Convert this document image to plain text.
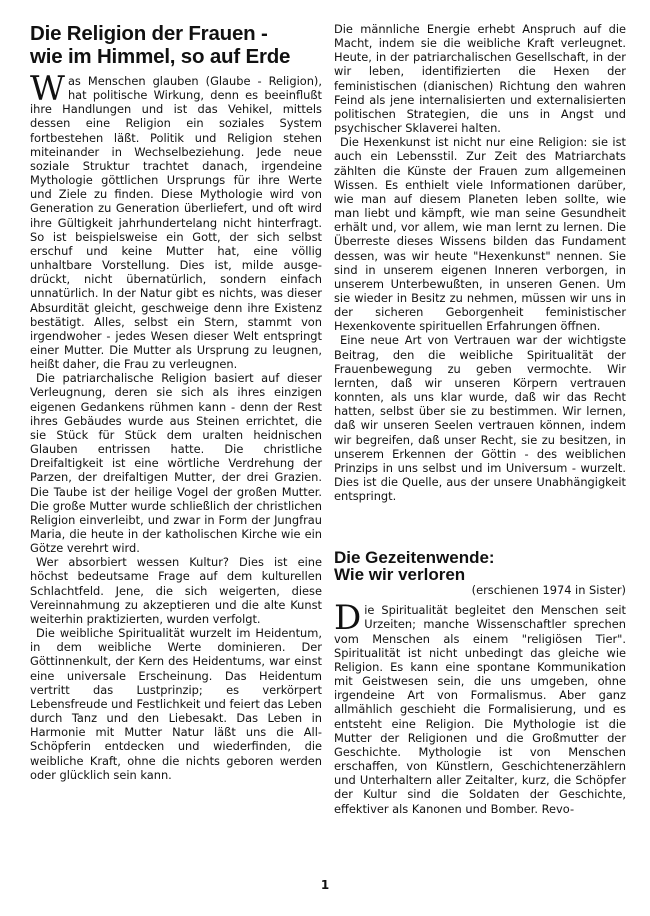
Die Religion der Frauen -
wie im Himmel, so auf Erde

Was Menschen glauben (Glaube - Religion), hat politische Wirkung, denn es beeinflußt ihre Handlungen und ist das Vehikel, mittels dessen eine Religion ein soziales System fortbestehen läßt. Politik und Religion stehen miteinander in Wechselbeziehung. Jede neue soziale Struktur trachtet danach, irgendeine Mythologie göttlichen Ursprungs für ihre Werte und Ziele zu finden. Diese Mythologie wird von Generation zu Generation überliefert, und oft wird ihre Gültigkeit jahrhundertelang nicht hinterfragt. So ist beispielsweise ein Gott, der sich selbst erschuf und keine Mutter hat, eine völlig unhaltbare Vorstellung. Dies ist, milde ausgedrückt, nicht übernatürlich, sondern einfach unnatürlich. In der Natur gibt es nichts, was dieser Absurdität gleicht, geschweige denn ihre Existenz bestätigt. Alles, selbst ein Stern, stammt von irgendwoher - jedes Wesen dieser Welt entspringt einer Mutter. Die Mutter als Ursprung zu leugnen, heißt daher, die Frau zu verleugnen.

Die patriarchalische Religion basiert auf dieser Verleugnung, deren sie sich als ihres einzigen eigenen Gedankens rühmen kann - denn der Rest ihres Gebäudes wurde aus Steinen errichtet, die sie Stück für Stück dem uralten heidnischen Glauben entrissen hatte. Die christliche Dreifaltigkeit ist eine wörtliche Verdrehung der Parzen, der dreifaltigen Mutter, der drei Grazien. Die Taube ist der heilige Vogel der großen Mutter. Die große Mutter wurde schließlich der christlichen Religion einverleibt, und zwar in Form der Jungfrau Maria, die heute in der katholischen Kirche wie ein Götze verehrt wird.

Wer absorbiert wessen Kultur? Dies ist eine höchst bedeutsame Frage auf dem kulturellen Schlachtfeld. Jene, die sich weigerten, diese Vereinnahmung zu akzeptieren und die alte Kunst weiterhin praktizierten, wurden verfolgt.

Die weibliche Spiritualität wurzelt im Heidentum, in dem weibliche Werte dominieren. Der Göttinnenkult, der Kern des Heidentums, war einst eine universale Erscheinung. Das Heidentum vertritt das Lustprinzip; es verkörpert Lebensfreude und Festlichkeit und feiert das Leben durch Tanz und den Liebesakt. Das Leben in Harmonie mit Mutter Natur läßt uns die All-Schöpferin entdecken und wiederfinden, die weibliche Kraft, ohne die nichts geboren werden oder glücklich sein kann.

Die männliche Energie erhebt Anspruch auf die Macht, indem sie die weibliche Kraft verleugnet. Heute, in der patriarchalischen Gesellschaft, in der wir leben, identifizierten die Hexen der feministischen (dianischen) Richtung den wahren Feind als jene internalisierten und externalisierten politischen Strategien, die uns in Angst und psychischer Sklaverei halten.

Die Hexenkunst ist nicht nur eine Religion: sie ist auch ein Lebensstil. Zur Zeit des Matriarchats zählten die Künste der Frauen zum allgemeinen Wissen. Es enthielt viele Informationen darüber, wie man auf diesem Planeten leben sollte, wie man liebt und kämpft, wie man seine Gesundheit erhält und, vor allem, wie man lernt zu lernen. Die Überreste dieses Wissens bilden das Fundament dessen, was wir heute "Hexenkunst" nennen. Sie sind in unserem eigenen Inneren verborgen, in unserem Unterbewußten, in unseren Genen. Um sie wieder in Besitz zu nehmen, müssen wir uns in der sicheren Geborgenheit feministischer Hexenkovente spirituellen Erfahrungen öffnen.

Eine neue Art von Vertrauen war der wichtigste Beitrag, den die weibliche Spiritualität der Frauenbewegung zu geben vermochte. Wir lernten, daß wir unseren Körpern vertrauen konnten, als uns klar wurde, daß wir das Recht hatten, selbst über sie zu bestimmen. Wir lernen, daß wir unseren Seelen vertrauen können, indem wir begreifen, daß unser Recht, sie zu besitzen, in unserem Erkennen der Göttin - des weiblichen Prinzips in uns selbst und im Universum - wurzelt. Dies ist die Quelle, aus der unsere Unabhängigkeit entspringt.

Die Gezeitenwende:
Wie wir verloren
(erschienen 1974 in Sister)

Die Spiritualität begleitet den Menschen seit Urzeiten; manche Wissenschaftler sprechen vom Menschen als einem "religiösen Tier". Spiritualität ist nicht unbedingt das gleiche wie Religion. Es kann eine spontane Kommunikation mit Geistwesen sein, die uns umgeben, ohne irgendeine Art von Formalismus. Aber ganz allmählich geschieht die Formalisierung, und es entsteht eine Religion. Die Mythologie ist die Mutter der Religionen und die Großmutter der Geschichte. Mythologie ist von Menschen erschaffen, von Künstlern, Geschichtenerzählern und Unterhaltern aller Zeitalter, kurz, die Schöpfer der Kultur sind die Soldaten der Geschichte, effektiver als Kanonen und Bomber. Revo-

1
